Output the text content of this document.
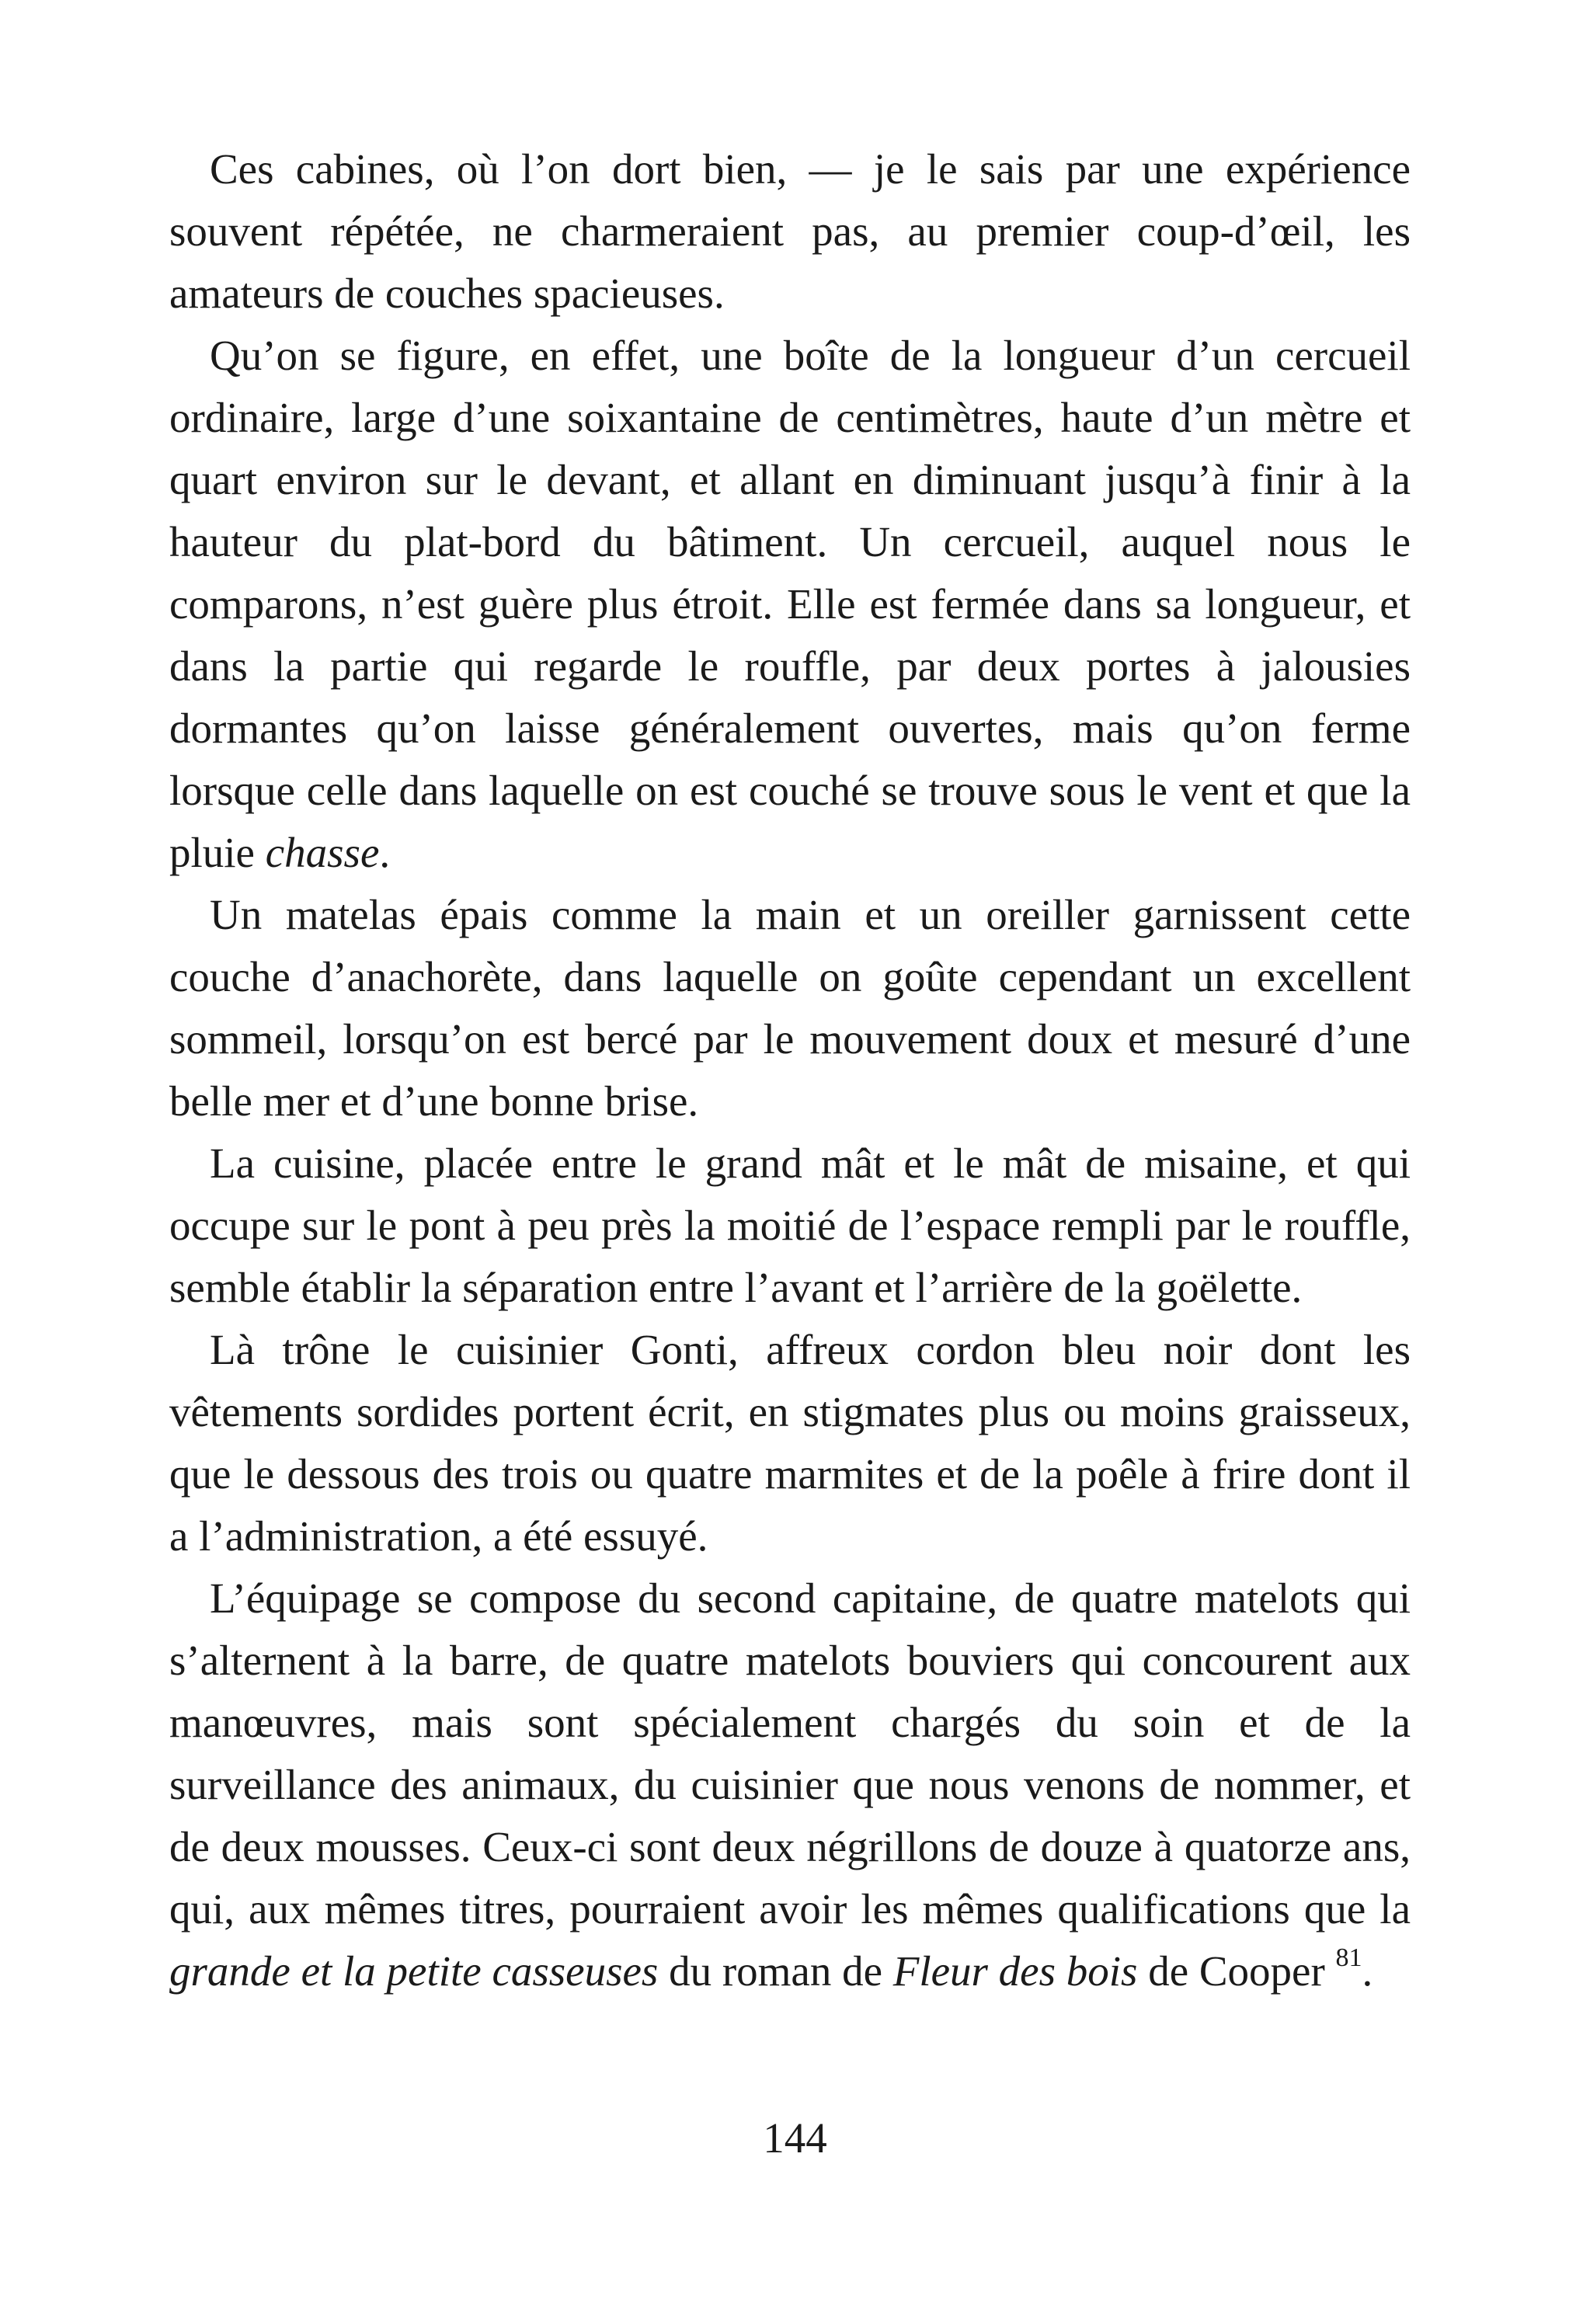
Ces cabines, où l’on dort bien, — je le sais par une expérience souvent répétée, ne charmeraient pas, au premier coup-d’œil, les amateurs de couches spacieuses.

Qu’on se figure, en effet, une boîte de la longueur d’un cercueil ordinaire, large d’une soixantaine de centimètres, haute d’un mètre et quart environ sur le devant, et allant en diminuant jusqu’à finir à la hauteur du plat-bord du bâtiment. Un cercueil, auquel nous le comparons, n’est guère plus étroit. Elle est fermée dans sa longueur, et dans la partie qui regarde le rouffle, par deux portes à jalousies dormantes qu’on laisse généralement ouvertes, mais qu’on ferme lorsque celle dans laquelle on est couché se trouve sous le vent et que la pluie chasse.

Un matelas épais comme la main et un oreiller garnissent cette couche d’anachorète, dans laquelle on goûte cependant un excellent sommeil, lorsqu’on est bercé par le mouvement doux et mesuré d’une belle mer et d’une bonne brise.

La cuisine, placée entre le grand mât et le mât de misaine, et qui occupe sur le pont à peu près la moitié de l’espace rempli par le rouffle, semble établir la séparation entre l’avant et l’arrière de la goëlette.

Là trône le cuisinier Gonti, affreux cordon bleu noir dont les vêtements sordides portent écrit, en stigmates plus ou moins graisseux, que le dessous des trois ou quatre marmites et de la poêle à frire dont il a l’administration, a été essuyé.

L’équipage se compose du second capitaine, de quatre matelots qui s’alternent à la barre, de quatre matelots bouviers qui concourent aux manœuvres, mais sont spécialement chargés du soin et de la surveillance des animaux, du cuisinier que nous venons de nommer, et de deux mousses. Ceux-ci sont deux négrillons de douze à quatorze ans, qui, aux mêmes titres, pourraient avoir les mêmes qualifications que la grande et la petite casseuses du roman de Fleur des bois de Cooper $^{81}$.

144
